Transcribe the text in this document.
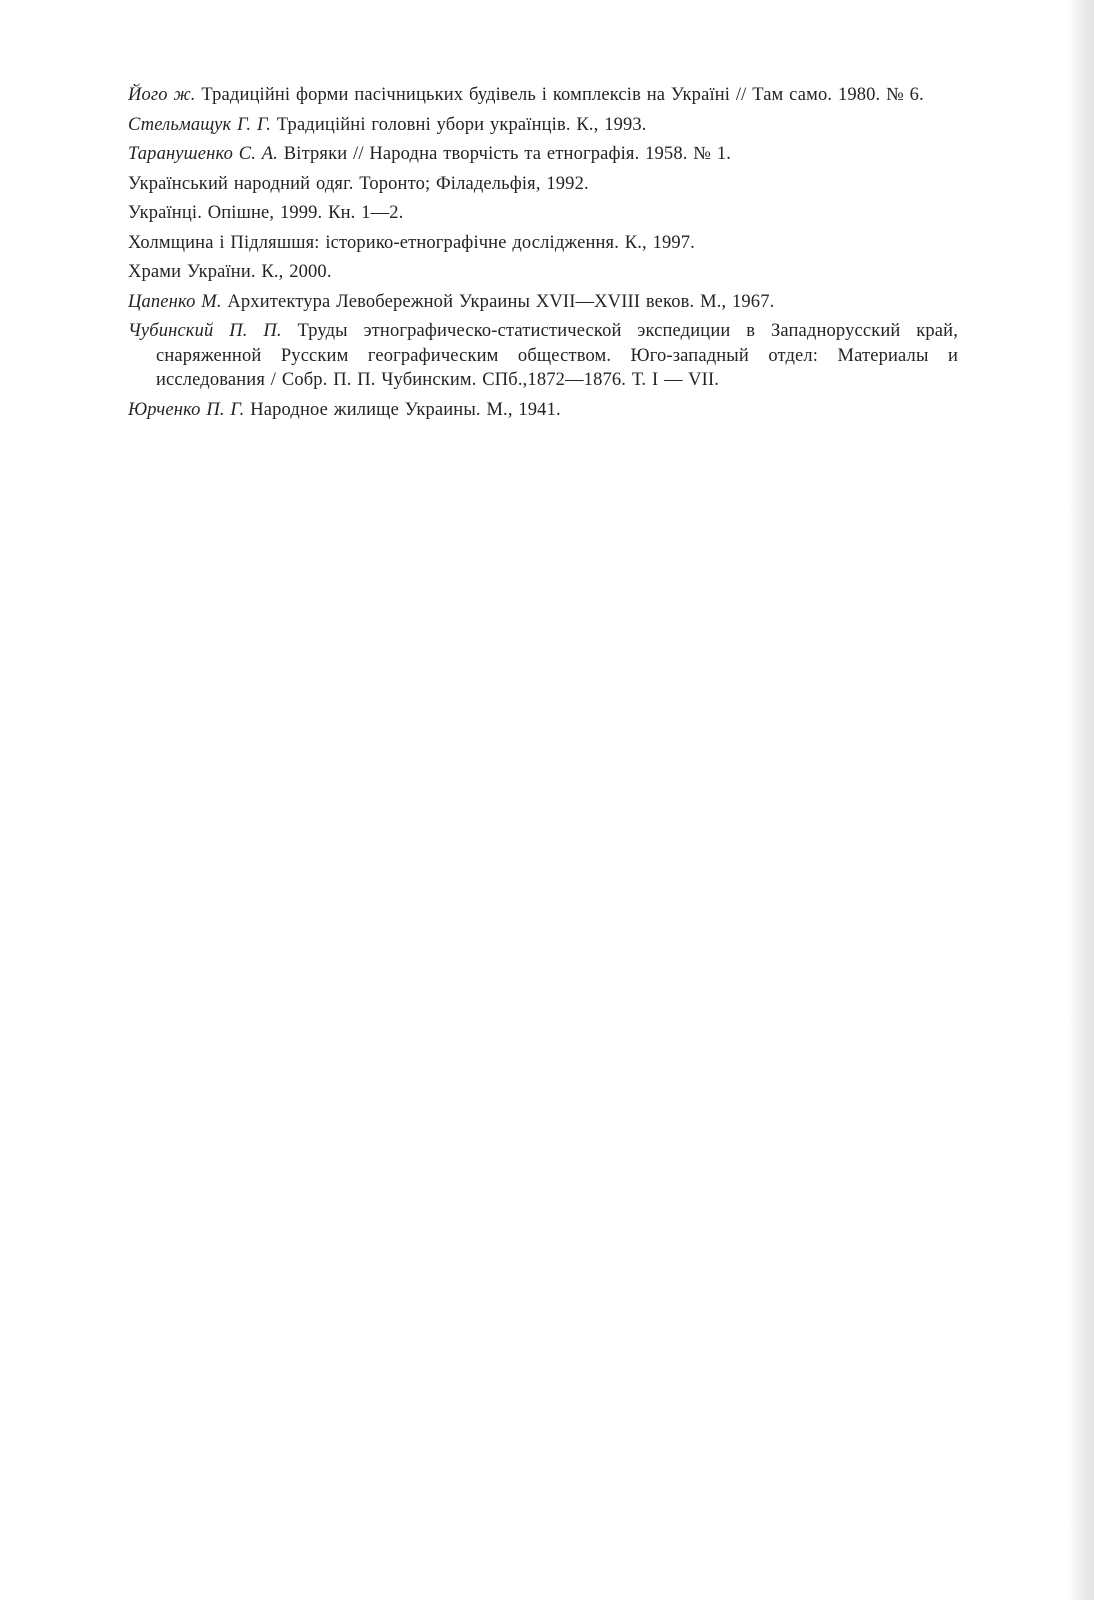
Його ж. Традиційні форми пасічницьких будівель і комплексів на Україні // Там само. 1980. № 6.
Стельмащук Г. Г. Традиційні головні убори українців. К., 1993.
Таранушенко С. А. Вітряки // Народна творчість та етнографія. 1958. № 1.
Український народний одяг. Торонто; Філадельфія, 1992.
Українці. Опішне, 1999. Кн. 1—2.
Холмщина і Підляшшя: історико-етнографічне дослідження. К., 1997.
Храми України. К., 2000.
Цапенко М. Архитектура Левобережной Украины XVII—XVIII веков. М., 1967.
Чубинский П. П. Труды этнографическо-статистической экспедиции в Западнорусский край, снаряженной Русским географическим обществом. Юго-западный отдел: Материалы и исследования / Собр. П. П. Чубинским. СПб.,1872—1876. Т. I — VII.
Юрченко П. Г. Народное жилище Украины. М., 1941.
